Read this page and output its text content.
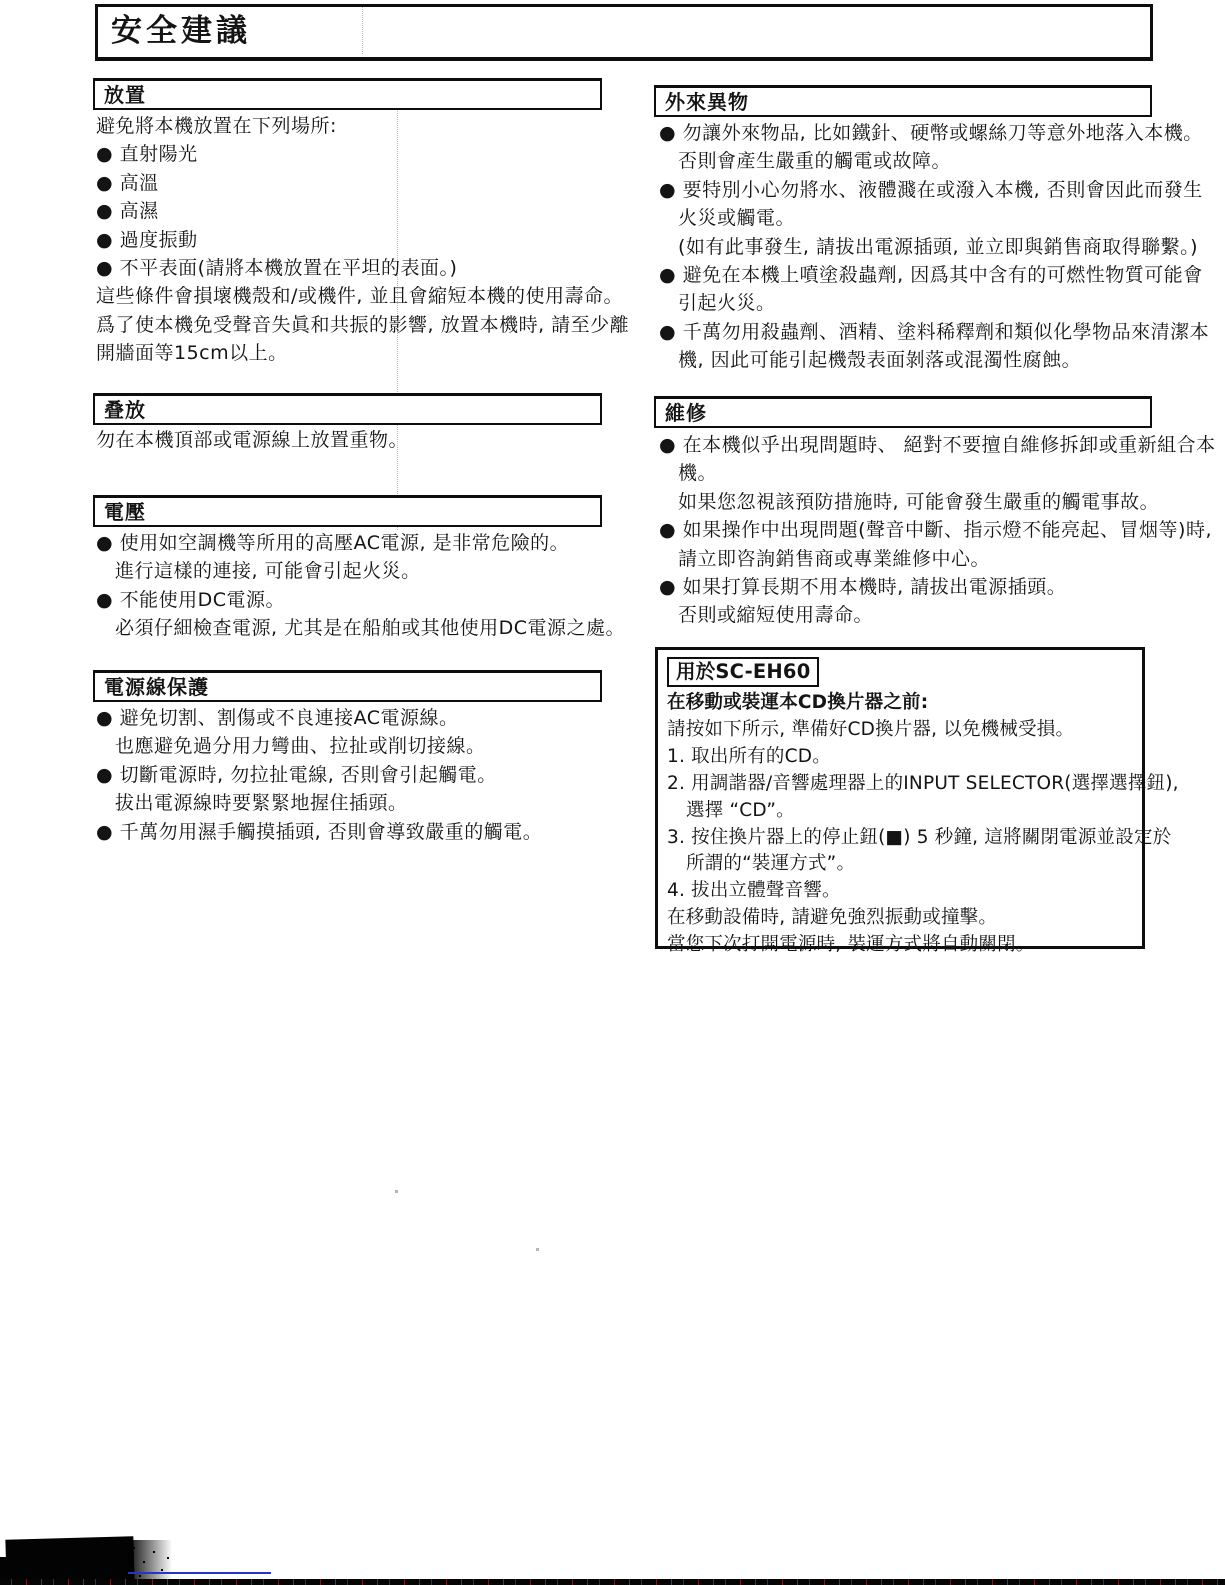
安全建議
放置
避免將本機放置在下列場所:
● 直射陽光
● 高溫
● 高濕
● 過度振動
● 不平表面(請將本機放置在平坦的表面。)
這些條件會損壞機殼和/或機件, 並且會縮短本機的使用壽命。
爲了使本機免受聲音失眞和共振的影響, 放置本機時, 請至少離
開牆面等15cm以上。
叠放
勿在本機頂部或電源線上放置重物。
電壓
● 使用如空調機等所用的高壓AC電源, 是非常危險的。
進行這樣的連接, 可能會引起火災。
● 不能使用DC電源。
必須仔細檢查電源, 尤其是在船舶或其他使用DC電源之處。
電源線保護
● 避免切割、割傷或不良連接AC電源線。
也應避免過分用力彎曲、拉扯或削切接線。
● 切斷電源時, 勿拉扯電線, 否則會引起觸電。
拔出電源線時要緊緊地握住插頭。
● 千萬勿用濕手觸摸插頭, 否則會導致嚴重的觸電。
外來異物
● 勿讓外來物品, 比如鐵針、硬幣或螺絲刀等意外地落入本機。
否則會產生嚴重的觸電或故障。
● 要特別小心勿將水、液體濺在或潑入本機, 否則會因此而發生
火災或觸電。
(如有此事發生, 請拔出電源插頭, 並立即與銷售商取得聯繫。)
● 避免在本機上噴塗殺蟲劑, 因爲其中含有的可燃性物質可能會
引起火災。
● 千萬勿用殺蟲劑、酒精、塗料稀釋劑和類似化學物品來清潔本
機, 因此可能引起機殼表面剝落或混濁性腐蝕。
維修
● 在本機似乎出現問題時、 絕對不要擅自維修拆卸或重新組合本
機。
如果您忽視該預防措施時, 可能會發生嚴重的觸電事故。
● 如果操作中出現問題(聲音中斷、指示燈不能亮起、冒烟等)時,
請立即咨詢銷售商或專業維修中心。
● 如果打算長期不用本機時, 請拔出電源插頭。
否則或縮短使用壽命。
用於SC-EH60
在移動或裝運本CD換片器之前:
請按如下所示, 準備好CD換片器, 以免機械受損。
1. 取出所有的CD。
2. 用調諧器/音響處理器上的INPUT SELECTOR(選擇選擇鈕),
選擇 “CD”。
3. 按住換片器上的停止鈕(■) 5 秒鐘, 這將關閉電源並設定於
所謂的“裝運方式”。
4. 拔出立體聲音響。
在移動設備時, 請避免強烈振動或撞擊。
當您下次打開電源時, 裝運方式將自動關閉。
